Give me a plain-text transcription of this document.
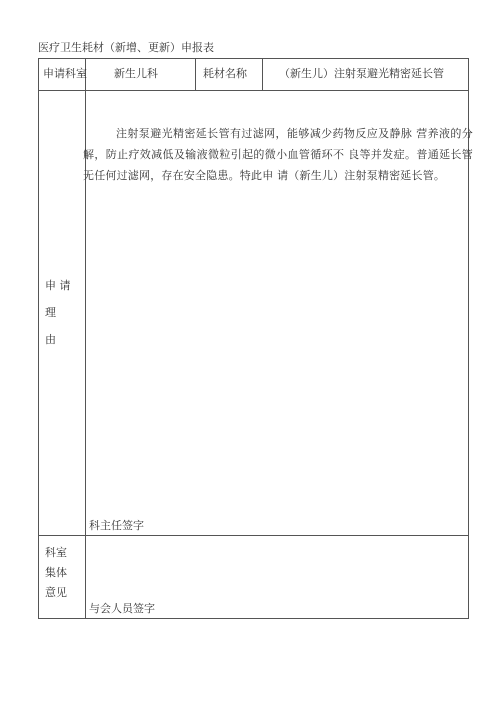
医疗卫生耗材（新增、更新）申报表
申请科室 新生儿科	耗材名称	（新生儿）注射泵避光精密延长管
申 请
理
由
注射泵避光精密延长管有过滤网，能够减少药物反应及静脉 营养液的分解，防止疗效减低及输液微粒引起的微小血管循环不 良等并发症。普通延长管无任何过滤网，存在安全隐患。特此申 请（新生儿）注射泵精密延长管。
科主任签字
科室
集体
意见
与会人员签字
